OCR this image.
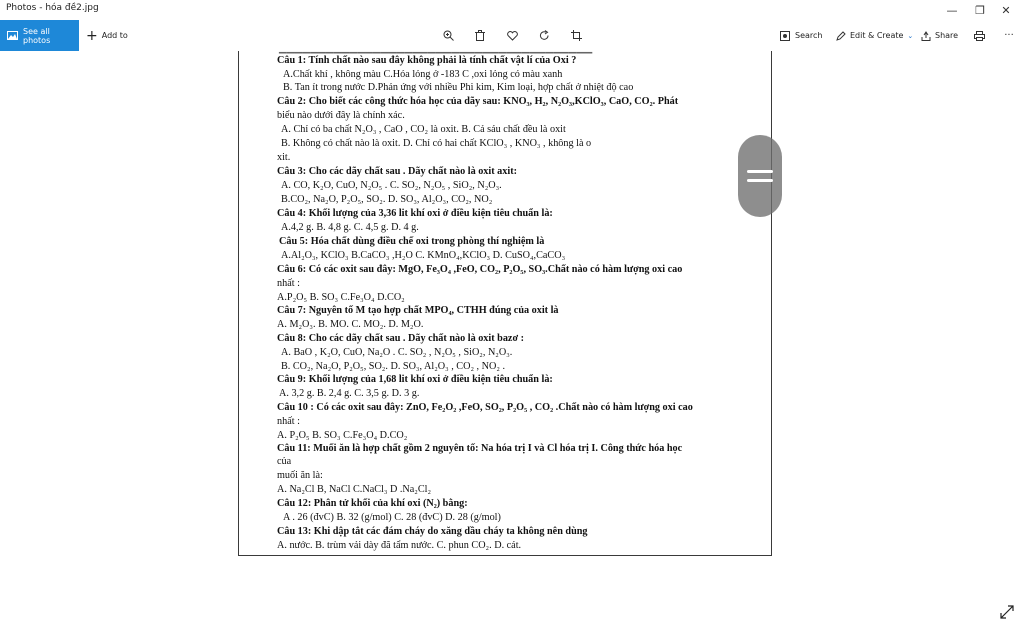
Photos - hóa đề2.jpg	— ❐ ✕
See all photos	+ Add to	Search	Edit & Create ⌄	Share	···
▁▁▁▁▁▁▁▁▁▁▁▁▁▁▁▁▁▁▁▁▁▁▁▁▁▁▁▁▁▁▁▁▁▁▁▁▁▁▁▁
Câu 1: Tính chất nào sau đây không phải là tính chất vật lí của Oxi ?
A.Chất khí , không màu C.Hóa lỏng ở -183 C ,oxi lỏng có màu xanh
B. Tan ít trong nước D.Phản ứng với nhiều Phi kim, Kim loại, hợp chất ở nhiệt độ cao
Câu 2: Cho biết các công thức hóa học của dãy sau: KNO₃, H₂, N₂O₃,KClO₃, CaO, CO₂. Phát
biểu nào dưới đây là chính xác.
A. Chỉ có ba chất N₂O₃ , CaO , CO₂ là oxit. B. Cả sáu chất đều là oxit
B. Không có chất nào là oxit. D. Chỉ có hai chất KClO₃ , KNO₃ , không là o
xit.
Câu 3: Cho các dãy chất sau . Dãy chất nào là oxit axit:
A. CO, K₂O, CuO, N₂O₅ . C. SO₂, N₂O₅ , SiO₂, N₂O₃.
B.CO₂, Na₂O, P₂O₅, SO₂. D. SO₃, Al₂O₃, CO₂, NO₂
Câu 4: Khối lượng của 3,36 lit khí oxi ở điều kiện tiêu chuẩn là:
A.4,2 g. B. 4,8 g. C. 4,5 g. D. 4 g.
Câu 5: Hóa chất dùng điều chế oxi trong phòng thí nghiệm là
A.Al₂O₃, KClO₃ B.CaCO₃ ,H₂O C. KMnO₄,KClO₃ D. CuSO₄,CaCO₃
Câu 6: Có các oxit sau đây: MgO, Fe₃O₄ ,FeO, CO₂, P₂O₅, SO₃.Chất nào có hàm lượng oxi cao
nhất :
A.P₂O₅ B. SO₃ C.Fe₃O₄ D.CO₂
Câu 7: Nguyên tố M tạo hợp chất MPO₄, CTHH đúng của oxit là
A. M₂O₃. B. MO. C. MO₂. D. M₂O.
Câu 8: Cho các dãy chất sau . Dãy chất nào là oxit bazơ :
A. BaO , K₂O, CuO, Na₂O . C. SO₂ , N₂O₅ , SiO₂, N₂O₃.
B. CO₂, Na₂O, P₂O₅, SO₂. D. SO₃, Al₂O₃ , CO₂ , NO₂ .
Câu 9: Khối lượng của 1,68 lit khí oxi ở điều kiện tiêu chuẩn là:
A. 3,2 g. B. 2,4 g. C. 3,5 g. D. 3 g.
Câu 10 : Có các oxit sau đây: ZnO, Fe₂O₂ ,FeO, SO₂, P₂O₅ , CO₂ .Chất nào có hàm lượng oxi cao
nhất :
A. P₂O₅ B. SO₃ C.Fe₃O₄ D.CO₂
Câu 11: Muối ăn là hợp chất gồm 2 nguyên tố: Na hóa trị I và Cl hóa trị I. Công thức hóa học
của
muối ăn là:
A. Na₂Cl B, NaCl C.NaCl₃ D .Na₂Cl₂
Câu 12: Phân tử khối của khí oxi (N₂) bằng:
A . 26 (đvC) B. 32 (g/mol) C. 28 (đvC) D. 28 (g/mol)
Câu 13: Khi dập tắt các đám cháy do xăng dầu cháy ta không nên dùng
A. nước. B. trùm vải dày đã tẩm nước. C. phun CO₂. D. cát.
